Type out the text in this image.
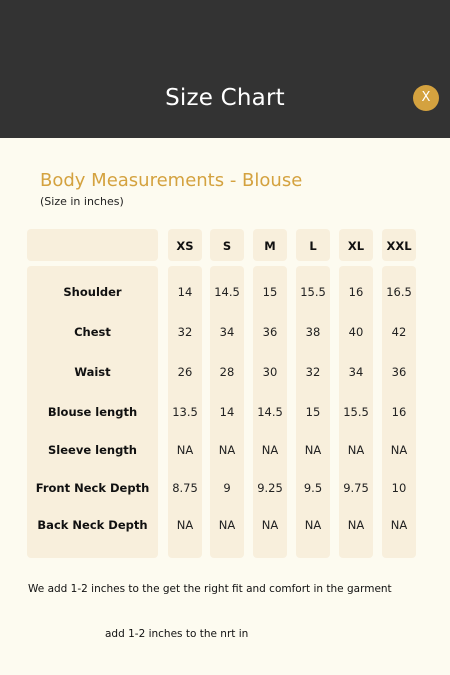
Size Chart	X
Body Measurements - Blouse
(Size in inches)
XS	S	M	L	XL	XXL
Shoulder	14	14.5	15	15.5	16	16.5
Chest	32	34	36	38	40	42
Waist	26	28	30	32	34	36
Blouse length	13.5	14	14.5	15	15.5	16
Sleeve length	NA	NA	NA	NA	NA	NA
Front Neck Depth	8.75	9	9.25	9.5	9.75	10
Back Neck Depth	NA	NA	NA	NA	NA	NA
We add 1-2 inches to the get the right fit and comfort in the garment
add 1-2 inches to the nrt in
